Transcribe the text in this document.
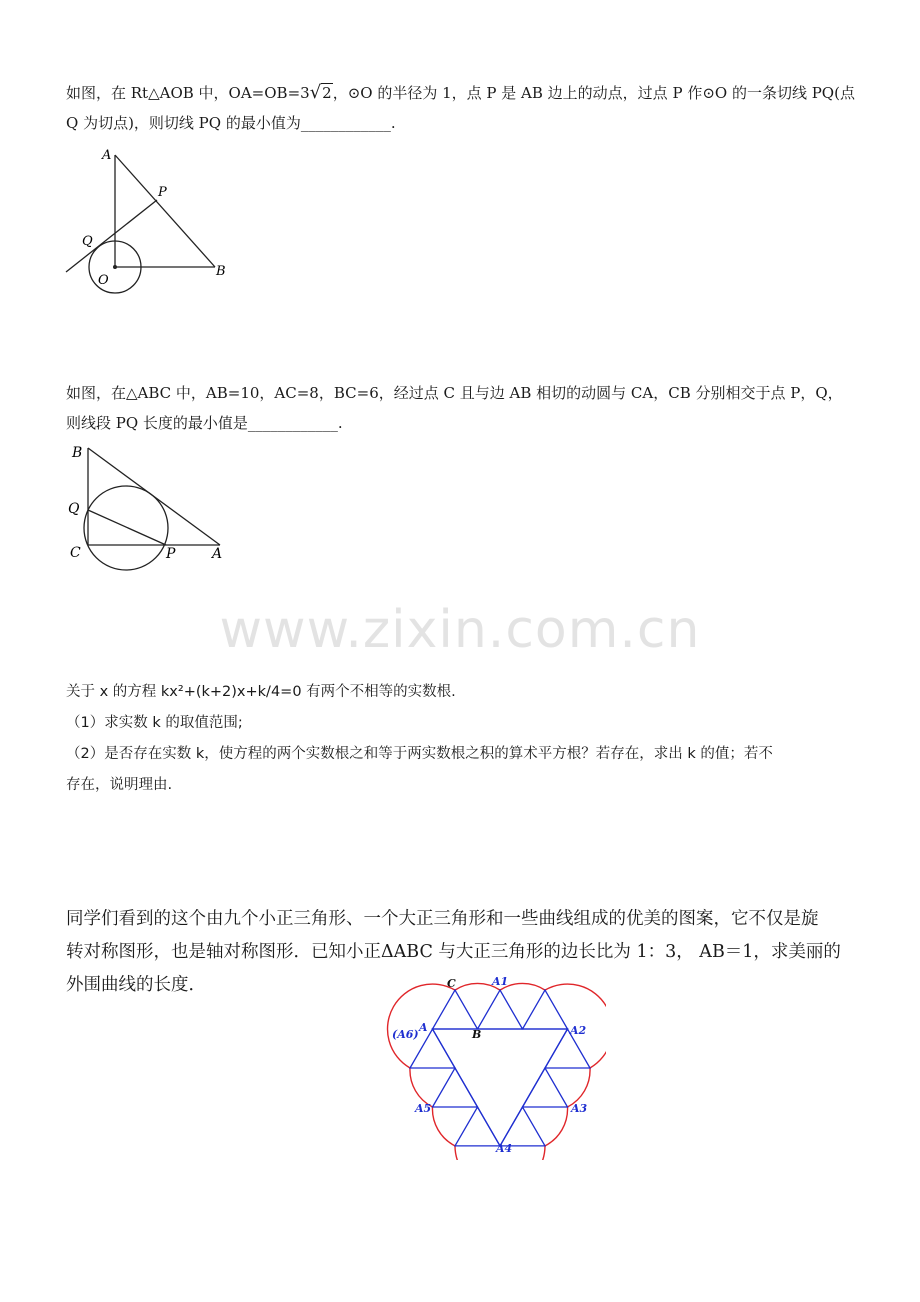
如图，在 Rt△AOB 中，OA=OB=3√2，⊙O 的半径为 1，点 P 是 AB 边上的动点，过点 P 作⊙O 的一条切线 PQ(点
Q 为切点)，则切线 PQ 的最小值为____________.
A
P
Q
O
B
如图，在△ABC 中，AB=10，AC=8，BC=6，经过点 C 且与边 AB 相切的动圆与 CA，CB 分别相交于点 P，Q，
则线段 PQ 长度的最小值是____________.
B
Q
C	P	A
www.zixin.com.cn
关于 x 的方程 kx²+(k+2)x+k/4=0 有两个不相等的实数根.
（1）求实数 k 的取值范围;
（2）是否存在实数 k，使方程的两个实数根之和等于两实数根之积的算术平方根？若存在，求出 k 的值；若不
存在，说明理由.
同学们看到的这个由九个小正三角形、一个大正三角形和一些曲线组成的优美的图案，它不仅是旋
转对称图形，也是轴对称图形．已知小正ΔABC 与大正三角形的边长比为 1：3， AB＝1，求美丽的
外围曲线的长度．	C	A1
(A6)
A
B	A2
A5	A3
A4
